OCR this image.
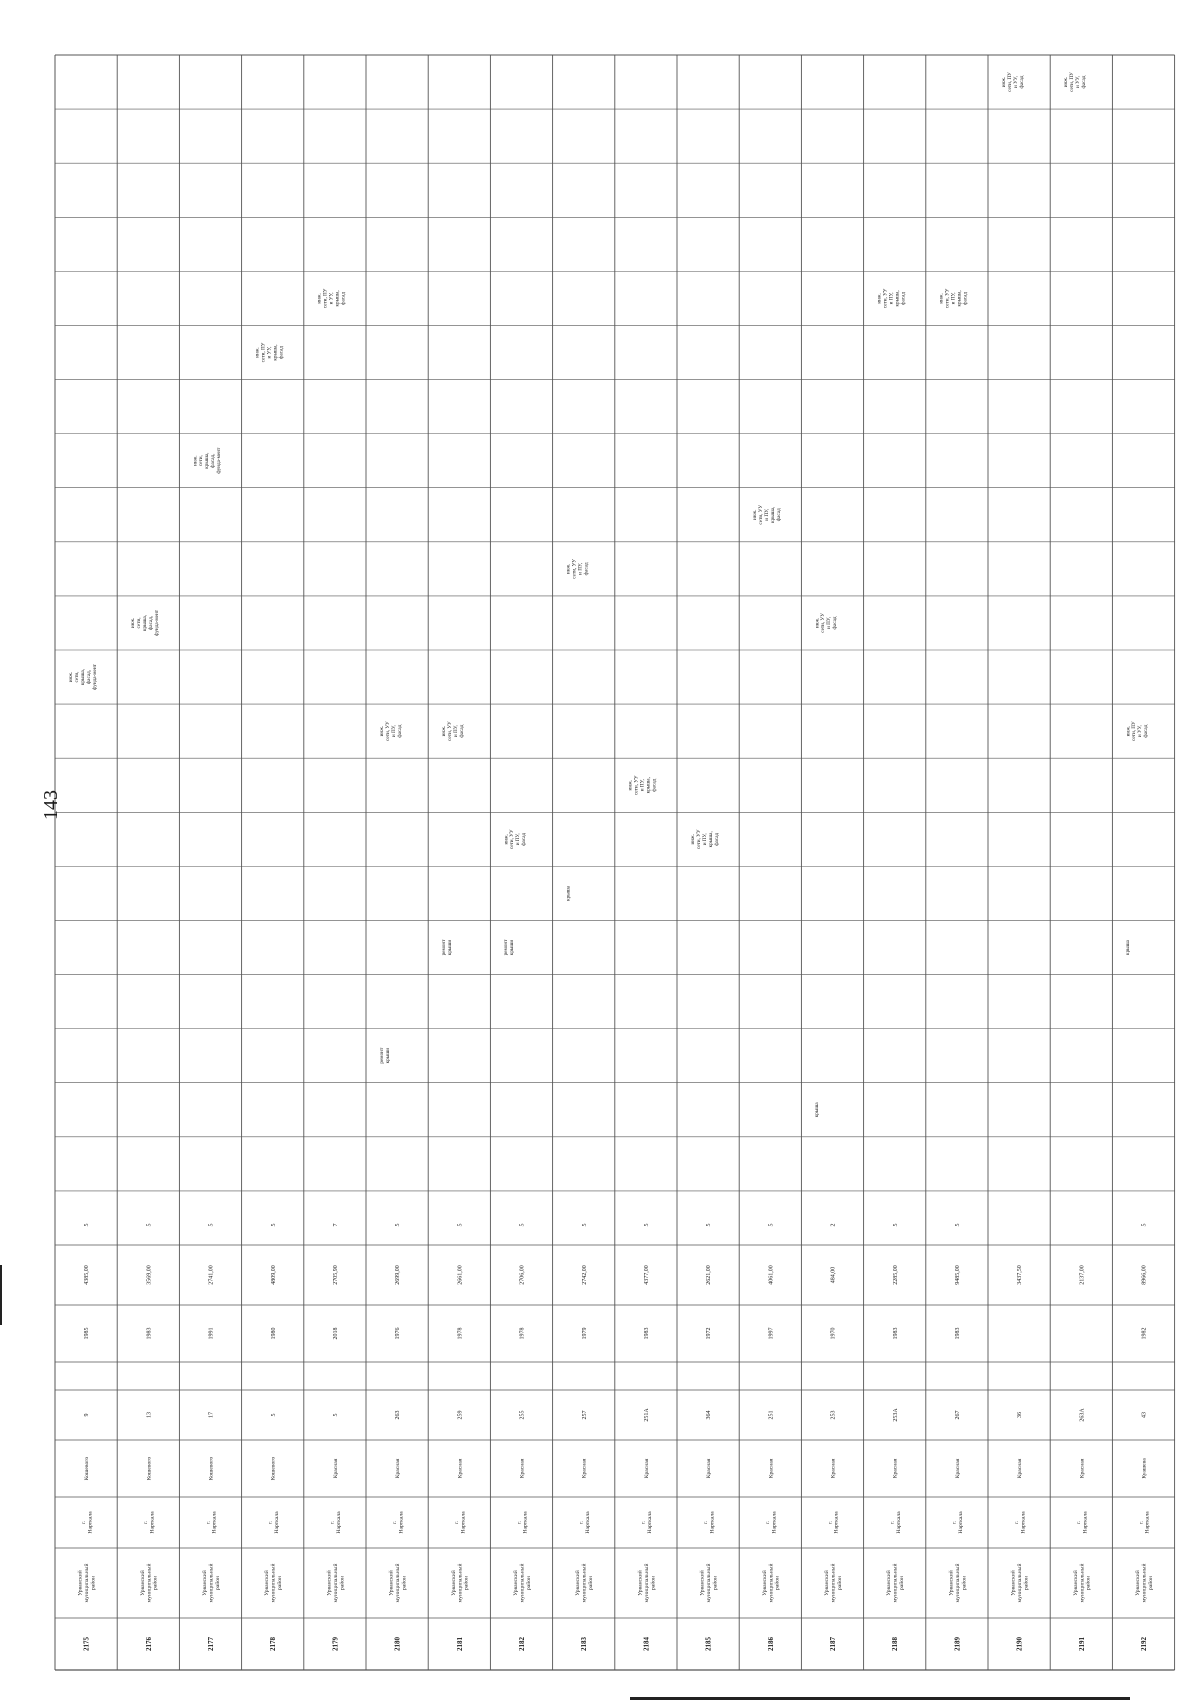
2175
Урванскиймуниципальныйрайон
г.Нарткала
Кошевого
9
1985
4385,00
5
инж.сети,крыша,фасад,фунда-мент
2176
Урванскиймуниципальныйрайон
г.Нарткала
Кошевого
13
1983
3569,00
5
инж.сети,крыша,фасад,фунда-мент
2177
Урванскиймуниципальныйрайон
г.Нарткала
Кошевого
17
1991
2741,00
5
инж.сети,крыша,фасад,фунда-мент
2178
Урванскиймуниципальныйрайон
г.Нарткала
Кошевого
5
1980
4809,00
5
инж.сети, ПУи УУ,крыша,фасад
2179
Урванскиймуниципальныйрайон
г.Нарткала
Красная
5
2018
2705,90
7
инж.сети, ПУи УУ,крыша,фасад
2180
Урванскиймуниципальныйрайон
г.Нарткала
Красная
263
1976
2699,00
5
ремонткрыши
инж.сети, УУи ПУ,фасад
2181
Урванскиймуниципальныйрайон
г.Нарткала
Красная
259
1978
2661,00
5
ремонткрыши
инж.сети, УУи ПУ,фасад
2182
Урванскиймуниципальныйрайон
г.Нарткала
Красная
255
1978
2706,00
5
ремонткрыши
инж.сети, УУи ПУ,фасад
2183
Урванскиймуниципальныйрайон
г.Нарткала
Красная
257
1979
2742,00
5
крыша
инж.сети, УУи ПУ,фасад
2184
Урванскиймуниципальныйрайон
г.Нарткала
Красная
251А
1983
4377,00
5
инж.сети, УУи ПУ,крыша,фасад
2185
Урванскиймуниципальныйрайон
г.Нарткала
Красная
364
1972
2621,00
5
инж.сети, УУи ПУ,крыша,фасад
2186
Урванскиймуниципальныйрайон
г.Нарткала
Красная
251
1997
4061,00
5
инж.сети, УУи ПУ,крыша,фасад
2187
Урванскиймуниципальныйрайон
г.Нарткала
Красная
253
1970
484,00
2
крыша
инж.сети, УУи ПУ,фасад
2188
Урванскиймуниципальныйрайон
г.Нарткала
Красная
253А
1983
2285,00
5
инж.сети, УУи ПУ,крыша,фасад
2189
Урванскиймуниципальныйрайон
г.Нарткала
Красная
267
1983
9485,00
5
инж.сети, УУи ПУ,крыша,фасад
2190
Урванскиймуниципальныйрайон
г.Нарткала
Красная
36
3437,50
инж.сети, ПУи УУ,фасад
2191
Урванскиймуниципальныйрайон
г.Нарткала
Красная
263А
2137,00
инж.сети, ПУи УУ,фасад
2192
Урванскиймуниципальныйрайон
г.Нарткала
Куашева
43
1982
8966,00
5
крыша
инж.сети, ПУи УУ,фасад
143
